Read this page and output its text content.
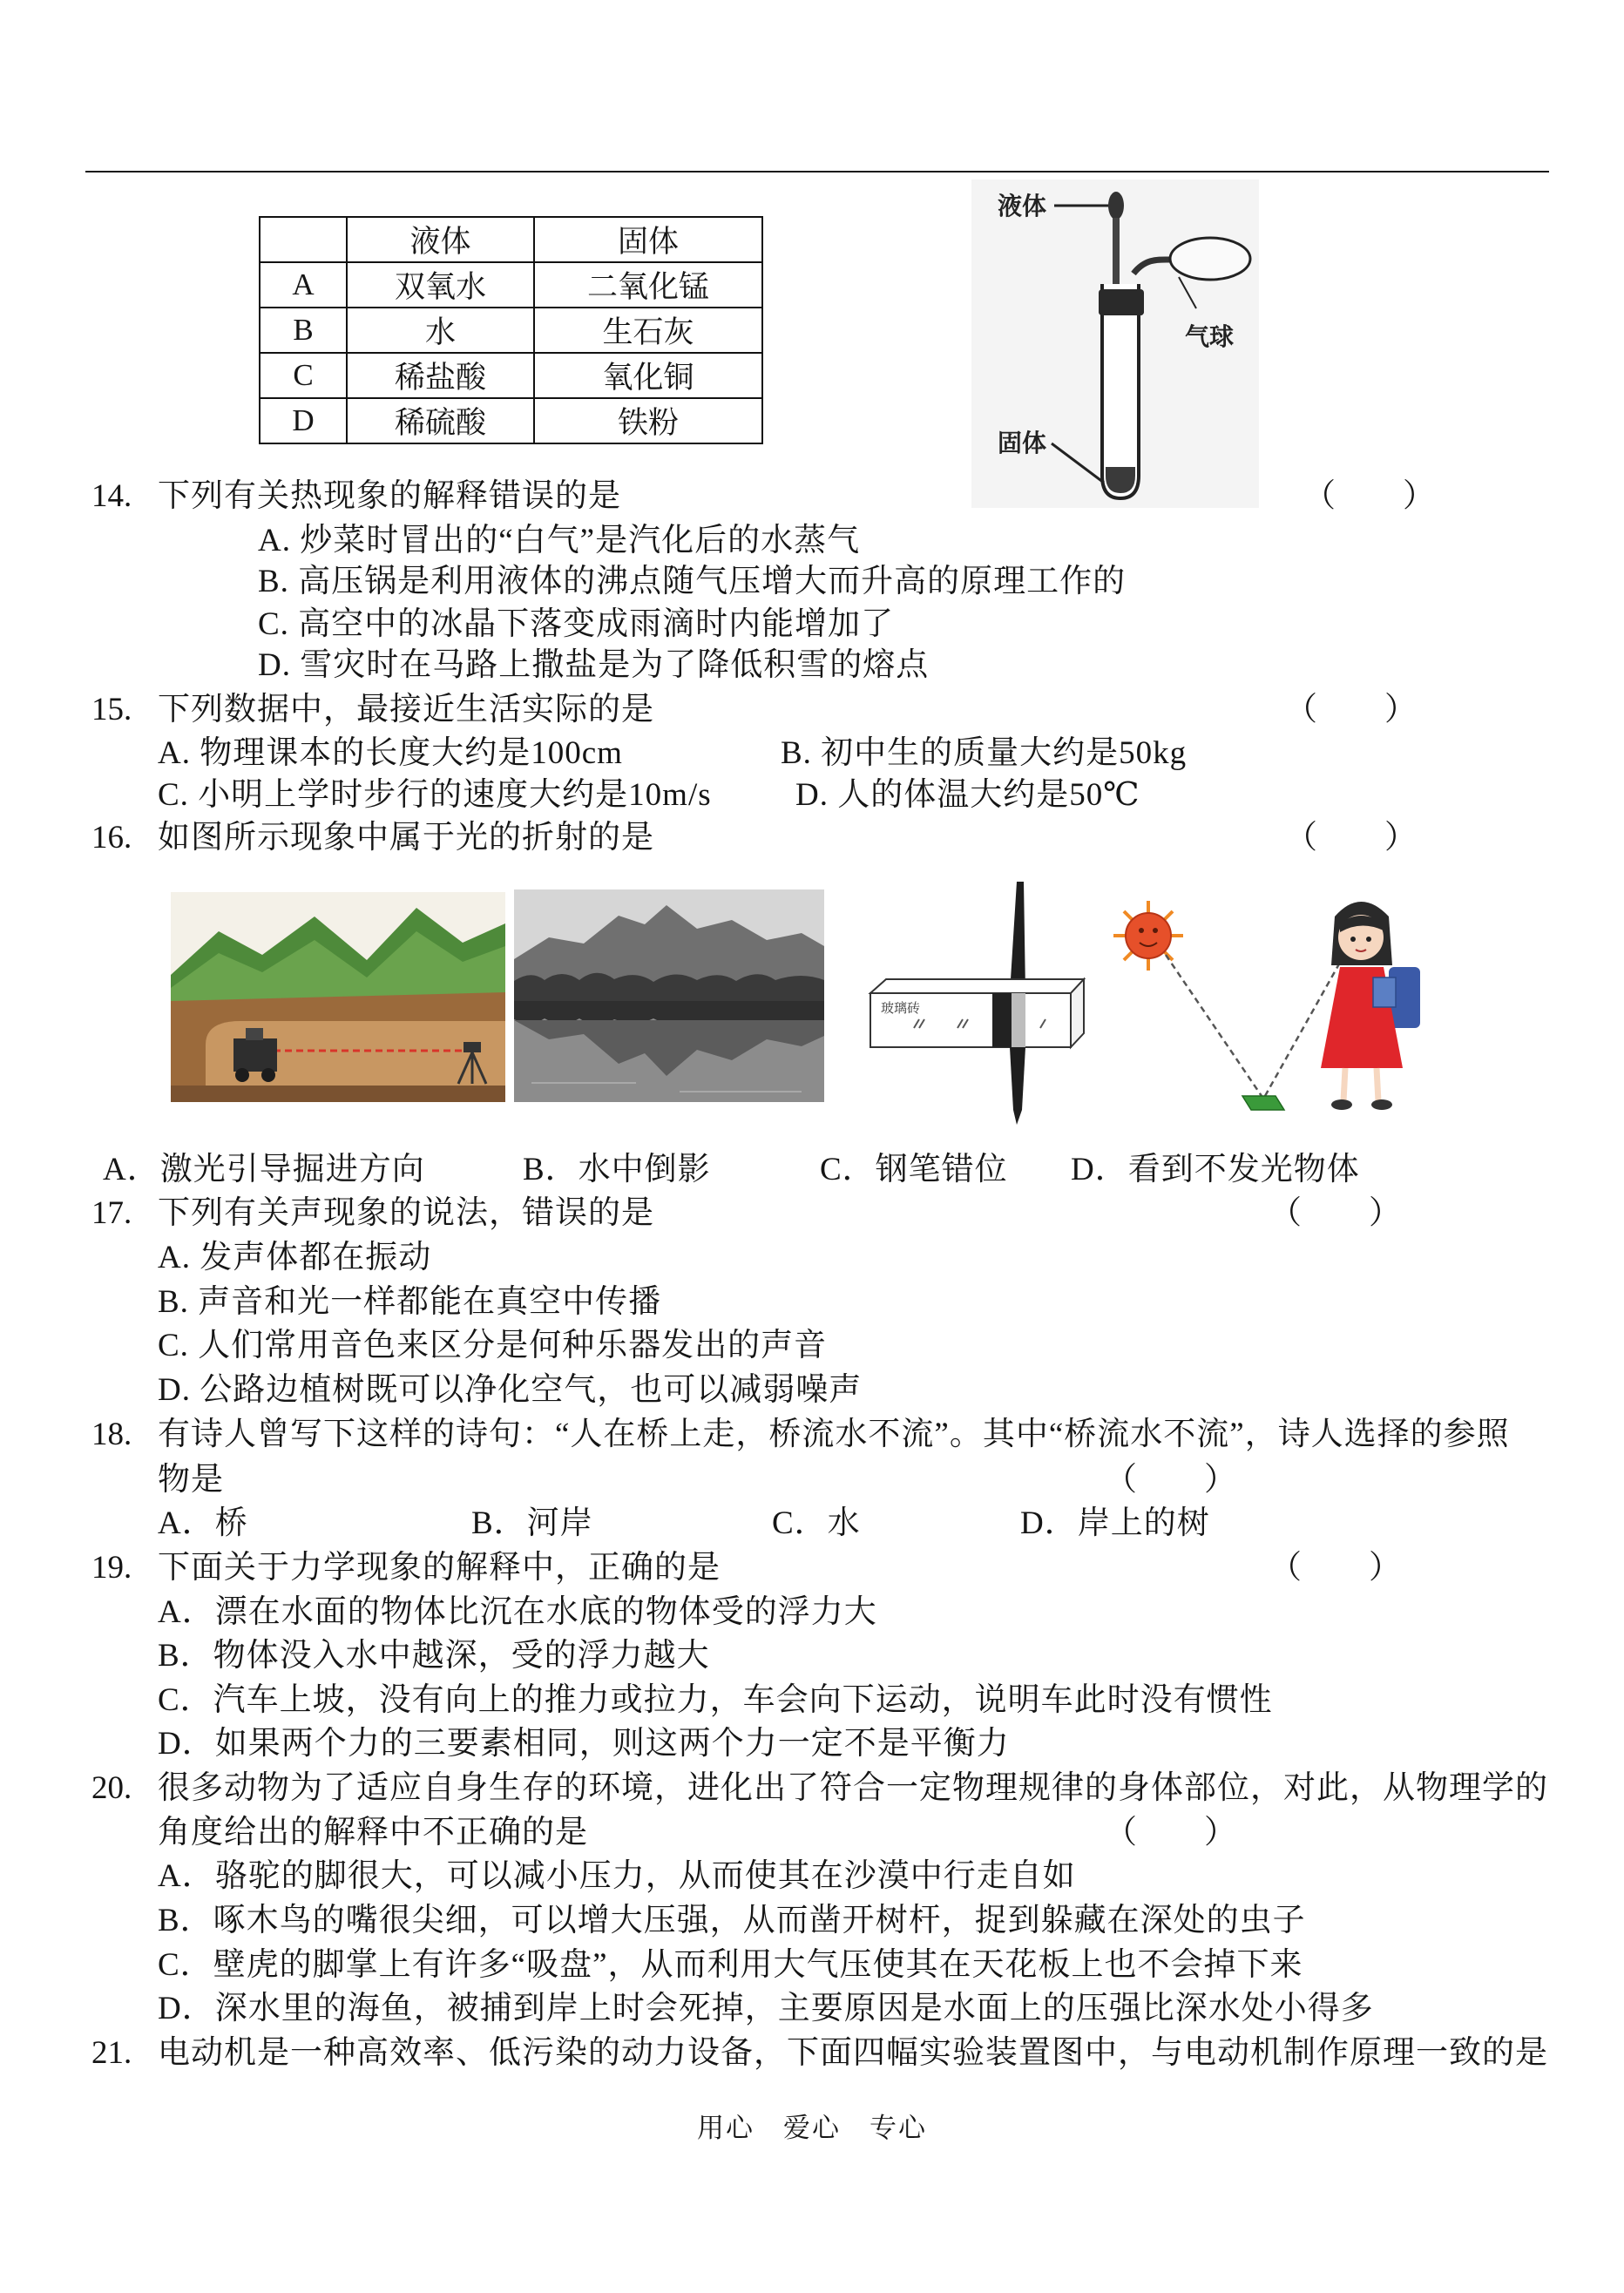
	液体	固体
A	双氧水	二氧化锰
B	水	生石灰
C	稀盐酸	氧化铜
D	稀硫酸	铁粉
液体
气球
固体
14. 下列有关热现象的解释错误的是	（　　）
A. 炒菜时冒出的“白气”是汽化后的水蒸气
B. 高压锅是利用液体的沸点随气压增大而升高的原理工作的
C. 高空中的冰晶下落变成雨滴时内能增加了
D. 雪灾时在马路上撒盐是为了降低积雪的熔点
15. 下列数据中，最接近生活实际的是	（　　）
A. 物理课本的长度大约是100cm	B. 初中生的质量大约是50kg
C. 小明上学时步行的速度大约是10m/s	D. 人的体温大约是50℃
16. 如图所示现象中属于光的折射的是	（　　）
玻璃砖
A．激光引导掘进方向	B．水中倒影	C．钢笔错位 D．看到不发光物体
17. 下列有关声现象的说法，错误的是	（　　）
A. 发声体都在振动
B. 声音和光一样都能在真空中传播
C. 人们常用音色来区分是何种乐器发出的声音
D. 公路边植树既可以净化空气，也可以减弱噪声
18. 有诗人曾写下这样的诗句：“人在桥上走，桥流水不流”。其中“桥流水不流”，诗人选择的参照
物是	（　　）
A．桥	B．河岸	C．水	D．岸上的树
19. 下面关于力学现象的解释中，正确的是	（　　）
A．漂在水面的物体比沉在水底的物体受的浮力大
B．物体没入水中越深，受的浮力越大
C．汽车上坡，没有向上的推力或拉力，车会向下运动，说明车此时没有惯性
D．如果两个力的三要素相同，则这两个力一定不是平衡力
20. 很多动物为了适应自身生存的环境，进化出了符合一定物理规律的身体部位，对此，从物理学的
角度给出的解释中不正确的是	（　　）
A．骆驼的脚很大，可以减小压力，从而使其在沙漠中行走自如
B．啄木鸟的嘴很尖细，可以增大压强，从而凿开树杆，捉到躲藏在深处的虫子
C．壁虎的脚掌上有许多“吸盘”，从而利用大气压使其在天花板上也不会掉下来
D．深水里的海鱼，被捕到岸上时会死掉，主要原因是水面上的压强比深水处小得多
21. 电动机是一种高效率、低污染的动力设备，下面四幅实验装置图中，与电动机制作原理一致的是
用心　爱心　专心
